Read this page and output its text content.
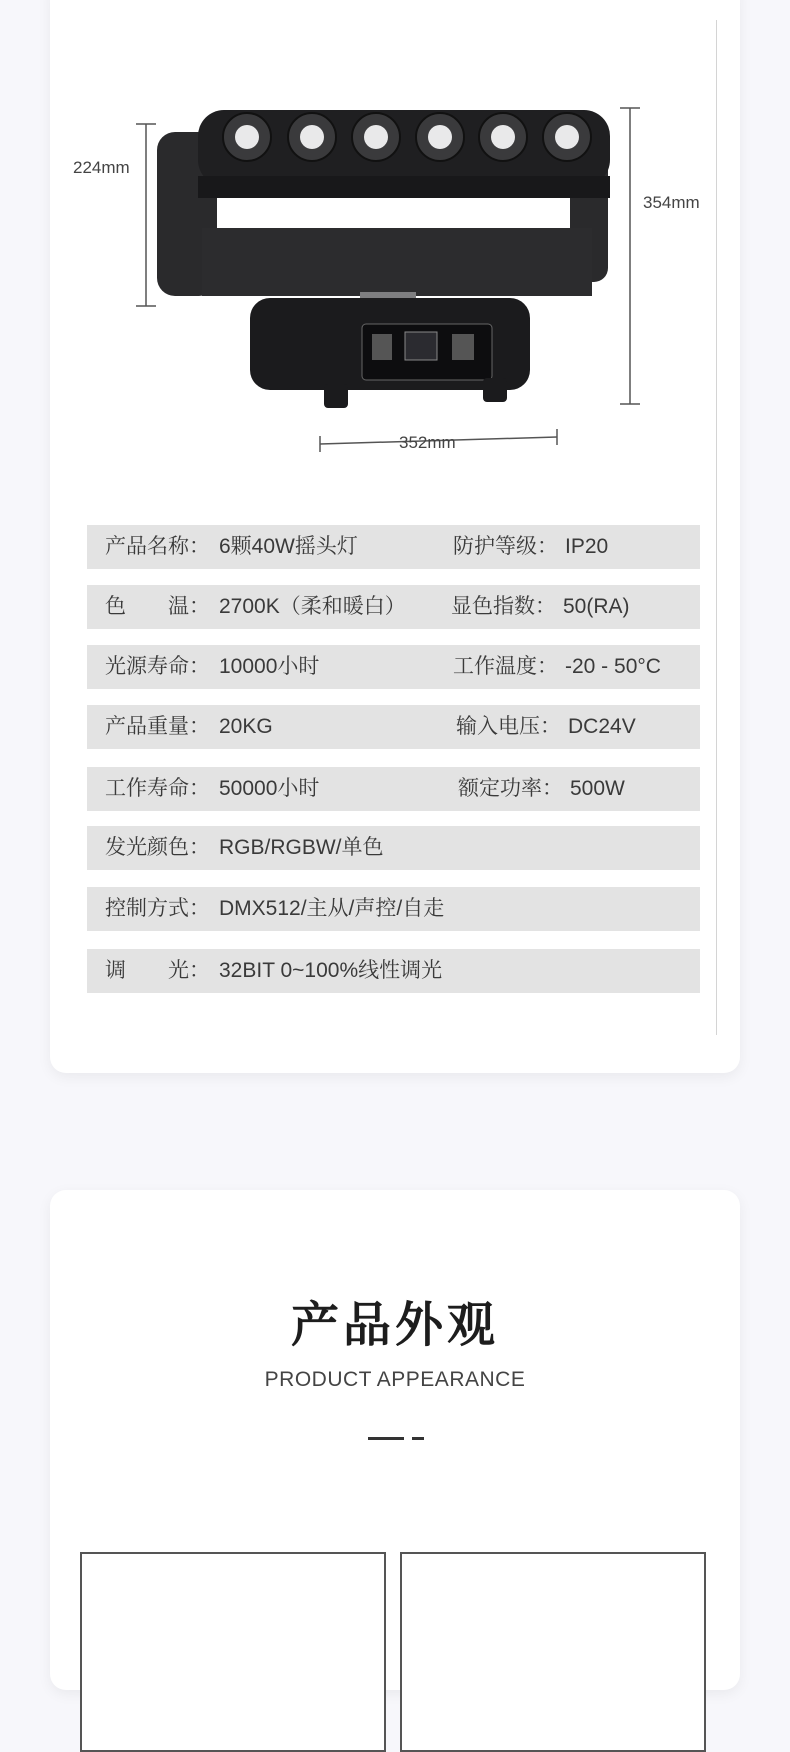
224mm
354mm
352mm
产品名称： 6颗40W摇头灯	防护等级： IP20
色　　温： 2700K（柔和暖白） 显色指数： 50(RA)
光源寿命： 10000小时	工作温度： -20 - 50°C
产品重量： 20KG	输入电压： DC24V
工作寿命： 50000小时	额定功率： 500W
发光颜色： RGB/RGBW/单色
控制方式： DMX512/主从/声控/自走
调　　光： 32BIT 0~100%线性调光
产品外观
PRODUCT APPEARANCE
